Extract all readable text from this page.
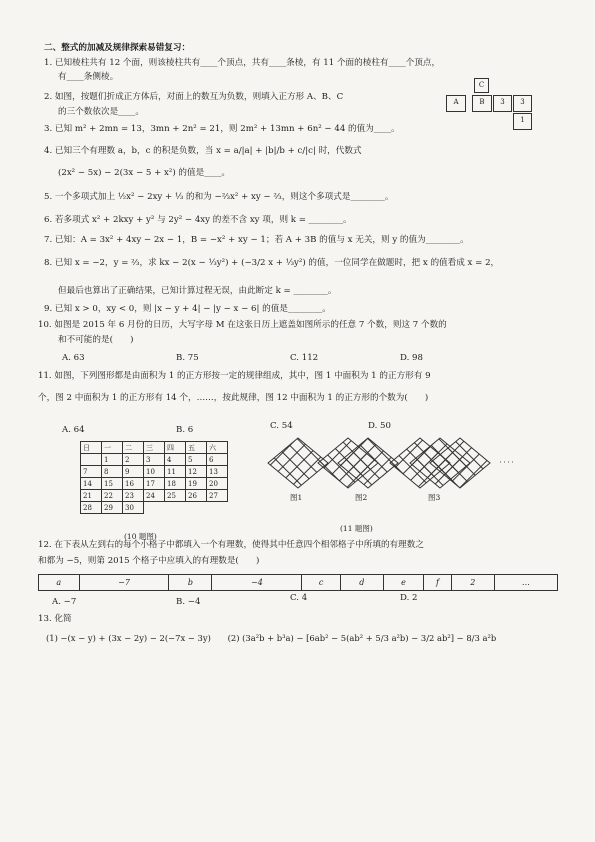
二、整式的加减及规律探索易错复习：
1. 已知棱柱共有 12 个面，则该棱柱共有____个顶点，共有____条棱，有 11 个面的棱柱有____个顶点，
有____条侧棱。
2. 如图，按题们折成正方体后，对面上的数互为负数，则填入正方形 A、B、C
的三个数依次是____。
C
A	B	3	3
1
3. 已知 m² + 2mn = 13，3mn + 2n² = 21，则 2m² + 13mn + 6n² − 44 的值为____。
4. 已知三个有理数 a，b，c 的积是负数，当 x = a/|a| + |b|/b + c/|c| 时，代数式
(2x² − 5x) − 2(3x − 5 + x²) 的值是____。
5. 一个多项式加上 ½x² − 2xy + ⅓ 的和为 −⅔x² + xy − ⅔，则这个多项式是________。
6. 若多项式 x² + 2kxy + y² 与 2y² − 4xy 的差不含 xy 项，则 k = ________。
7. 已知：A = 3x² + 4xy − 2x − 1，B = −x² + xy − 1；若 A + 3B 的值与 x 无关，则 y 的值为________。
8. 已知 x = −2，y = ⅔，求 kx − 2(x − ⅓y²) + (−3/2 x + ⅓y²) 的值，一位同学在做题时，把 x 的值看成 x = 2，
但最后也算出了正确结果，已知计算过程无误，由此断定 k = ________。
9. 已知 x > 0，xy < 0，则 |x − y + 4| − |y − x − 6| 的值是________。
10. 如图是 2015 年 6 月份的日历，大写字母 M 在这张日历上遮盖如图所示的任意 7 个数，则这 7 个数的
和不可能的是(　　)
A. 63	B. 75	C. 112	D. 98
11. 如图，下列图形都是由面积为 1 的正方形按一定的规律组成，其中，图 1 中面积为 1 的正方形有 9
个，图 2 中面积为 1 的正方形有 14 个，……，按此规律，图 12 中面积为 1 的正方形的个数为(　　)
A. 64	B. 6	C. 54	D. 50
日	一	二	三	四	五	六
	1	2	3	4	5	6
7	8	9	10	11	12	13
14	15	16	17	18	19	20
21	22	23	24	25	26	27
28	29	30				
(10 题图)
图1	图2	图3
(11 题图)
12. 在下表从左到右的每个小格子中都填入一个有理数，使得其中任意四个相邻格子中所填的有理数之
和都为 −5，则第 2015 个格子中应填入的有理数是(　　)
a	−7	b	−4	c	d	e	f	2	…
A. −7	B. −4	C. 4	D. 2
13. 化简
(1) −(x − y) + (3x − 2y) − 2(−7x − 3y)　　(2) (3a²b + b³a) − [6ab² − 5(ab² + 5/3 a²b) − 3/2 ab²] − 8/3 a²b
